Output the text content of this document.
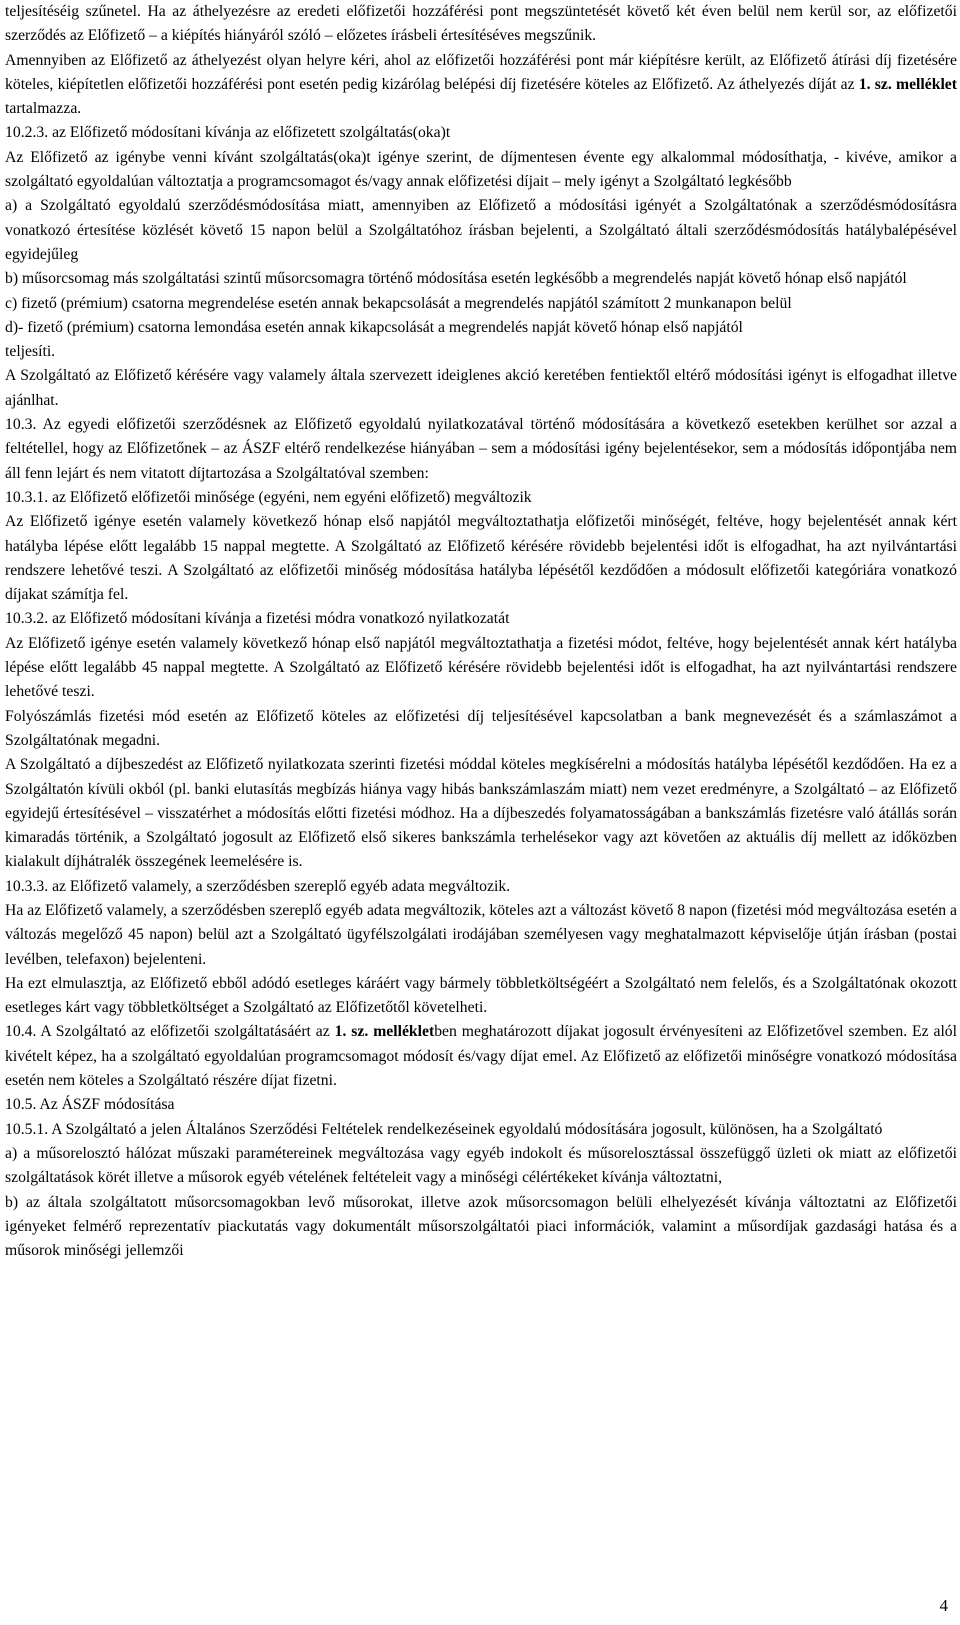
teljesítéséig szűnetel. Ha az áthelyezésre az eredeti előfizetői hozzáférési pont megszüntetését követő két éven belül nem kerül sor, az előfizetői szerződés az Előfizető – a kiépítés hiányáról szóló – előzetes írásbeli értesítéséves megszűnik.

Amennyiben az Előfizető az áthelyezést olyan helyre kéri, ahol az előfizetői hozzáférési pont már kiépítésre került, az Előfizető átírási díj fizetésére köteles, kiépítetlen előfizetői hozzáférési pont esetén pedig kizárólag belépési díj fizetésére köteles az Előfizető. Az áthelyezés díját az 1. sz. melléklet tartalmazza.

10.2.3. az Előfizető módosítani kívánja az előfizetett szolgáltatás(oka)t

Az Előfizető az igénybe venni kívánt szolgáltatás(oka)t igénye szerint, de díjmentesen évente egy alkalommal módosíthatja, - kivéve, amikor a szolgáltató egyoldalúan változtatja a programcsomagot és/vagy annak előfizetési díjait – mely igényt a Szolgáltató legkésőbb

a) a Szolgáltató egyoldalú szerződésmódosítása miatt, amennyiben az Előfizető a módosítási igényét a Szolgáltatónak a szerződésmódosításra vonatkozó értesítése közlését követő 15 napon belül a Szolgáltatóhoz írásban bejelenti, a Szolgáltató általi szerződésmódosítás hatálybalépésével egyidejűleg

b) műsorcsomag más szolgáltatási szintű műsorcsomagra történő módosítása esetén legkésőbb a megrendelés napját követő hónap első napjától

c) fizető (prémium) csatorna megrendelése esetén annak bekapcsolását a megrendelés napjától számított 2 munkanapon belül

d)- fizető (prémium) csatorna lemondása esetén annak kikapcsolását a megrendelés napját követő hónap első napjától

teljesíti.

A Szolgáltató az Előfizető kérésére vagy valamely általa szervezett ideiglenes akció keretében fentiektől eltérő módosítási igényt is elfogadhat illetve ajánlhat.

10.3. Az egyedi előfizetői szerződésnek az Előfizető egyoldalú nyilatkozatával történő módosítására a következő esetekben kerülhet sor azzal a feltétellel, hogy az Előfizetőnek – az ÁSZF eltérő rendelkezése hiányában – sem a módosítási igény bejelentésekor, sem a módosítás időpontjába nem áll fenn lejárt és nem vitatott díjtartozása a Szolgáltatóval szemben:

10.3.1. az Előfizető előfizetői minősége (egyéni, nem egyéni előfizető) megváltozik

Az Előfizető igénye esetén valamely következő hónap első napjától megváltoztathatja előfizetői minőségét, feltéve, hogy bejelentését annak kért hatályba lépése előtt legalább 15 nappal megtette. A Szolgáltató az Előfizető kérésére rövidebb bejelentési időt is elfogadhat, ha azt nyilvántartási rendszere lehetővé teszi. A Szolgáltató az előfizetői minőség módosítása hatályba lépésétől kezdődően a módosult előfizetői kategóriára vonatkozó díjakat számítja fel.

10.3.2. az Előfizető módosítani kívánja a fizetési módra vonatkozó nyilatkozatát

Az Előfizető igénye esetén valamely következő hónap első napjától megváltoztathatja a fizetési módot, feltéve, hogy bejelentését annak kért hatályba lépése előtt legalább 45 nappal megtette. A Szolgáltató az Előfizető kérésére rövidebb bejelentési időt is elfogadhat, ha azt nyilvántartási rendszere lehetővé teszi.

Folyószámlás fizetési mód esetén az Előfizető köteles az előfizetési díj teljesítésével kapcsolatban a bank megnevezését és a számlaszámot a Szolgáltatónak megadni.

A Szolgáltató a díjbeszedést az Előfizető nyilatkozata szerinti fizetési móddal köteles megkísérelni a módosítás hatályba lépésétől kezdődően. Ha ez a Szolgáltatón kívüli okból (pl. banki elutasítás megbízás hiánya vagy hibás bankszámlaszám miatt) nem vezet eredményre, a Szolgáltató – az Előfizető egyidejű értesítésével – visszatérhet a módosítás előtti fizetési módhoz. Ha a díjbeszedés folyamatosságában a bankszámlás fizetésre való átállás során kimaradás történik, a Szolgáltató jogosult az Előfizető első sikeres bankszámla terhelésekor vagy azt követően az aktuális díj mellett az időközben kialakult díjhátralék összegének leemelésére is.

10.3.3. az Előfizető valamely, a szerződésben szereplő egyéb adata megváltozik.

Ha az Előfizető valamely, a szerződésben szereplő egyéb adata megváltozik, köteles azt a változást követő 8 napon (fizetési mód megváltozása esetén a változás megelőző 45 napon) belül azt a Szolgáltató ügyfélszolgálati irodájában személyesen vagy meghatalmazott képviselője útján írásban (postai levélben, telefaxon) bejelenteni.

Ha ezt elmulasztja, az Előfizető ebből adódó esetleges káráért vagy bármely többletköltségéért a Szolgáltató nem felelős, és a Szolgáltatónak okozott esetleges kárt vagy többletköltséget a Szolgáltató az Előfizetőtől követelheti.

10.4. A Szolgáltató az előfizetői szolgáltatásáért az 1. sz. mellékletben meghatározott díjakat jogosult érvényesíteni az Előfizetővel szemben. Ez alól kivételt képez, ha a szolgáltató egyoldalúan programcsomagot módosít és/vagy díjat emel. Az Előfizető az előfizetői minőségre vonatkozó módosítása esetén nem köteles a Szolgáltató részére díjat fizetni.

10.5. Az ÁSZF módosítása

10.5.1. A Szolgáltató a jelen Általános Szerződési Feltételek rendelkezéseinek egyoldalú módosítására jogosult, különösen, ha a Szolgáltató

a) a műsorelosztó hálózat műszaki paramétereinek megváltozása vagy egyéb indokolt és műsorelosztással összefüggő üzleti ok miatt az előfizetői szolgáltatások körét illetve a műsorok egyéb vételének feltételeit vagy a minőségi célértékeket kívánja változtatni,

b) az általa szolgáltatott műsorcsomagokban levő műsorokat, illetve azok műsorcsomagon belüli elhelyezését kívánja változtatni az Előfizetői igényeket felmérő reprezentatív piackutatás vagy dokumentált műsorszolgáltatói piaci információk, valamint a műsordíjak gazdasági hatása és a műsorok minőségi jellemzői

4
